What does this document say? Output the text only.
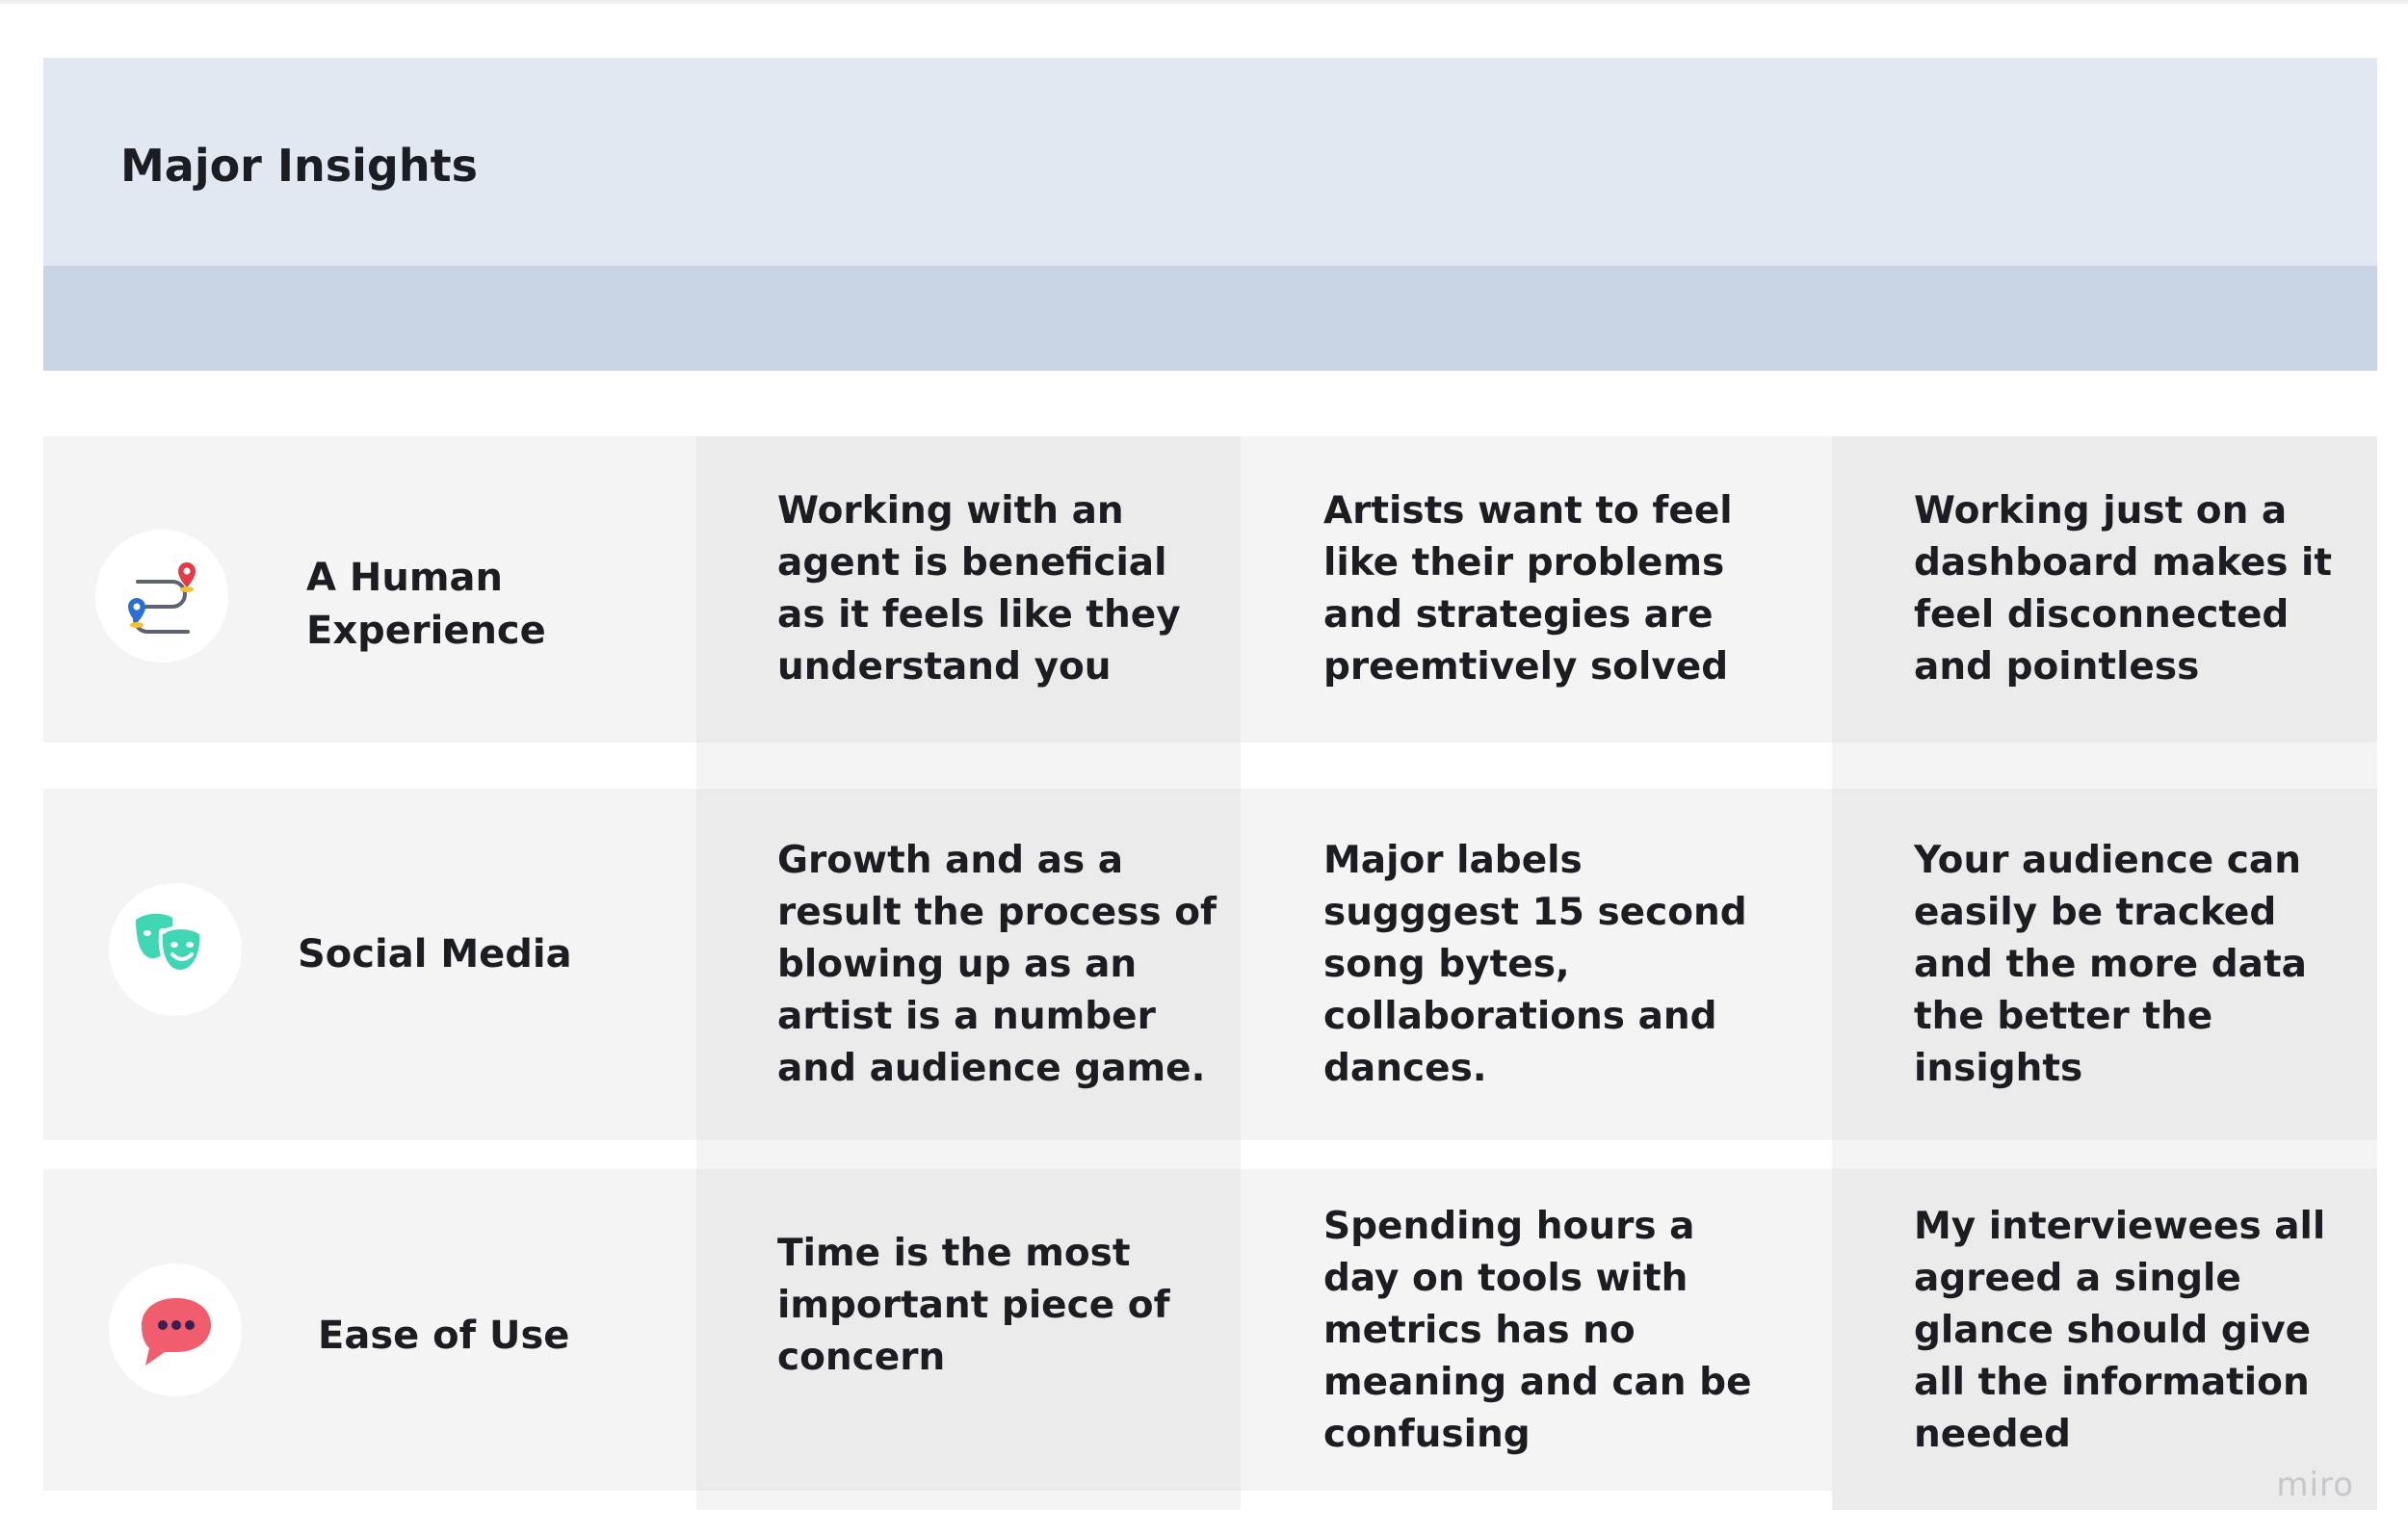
Major Insights
A Human
Experience
Working with an
agent is beneficial
as it feels like they
understand you
Artists want to feel
like their problems
and strategies are
preemtively solved
Working just on a
dashboard makes it
feel disconnected
and pointless
Social Media
Growth and as a
result the process of
blowing up as an
artist is a number
and audience game.
Major labels
sugggest 15 second
song bytes,
collaborations and
dances.
Your audience can
easily be tracked
and the more data
the better the
insights
Ease of Use
Time is the most
important piece of
concern
Spending hours a
day on tools with
metrics has no
meaning and can be
confusing
My interviewees all
agreed a single
glance should give
all the information
needed
miro
